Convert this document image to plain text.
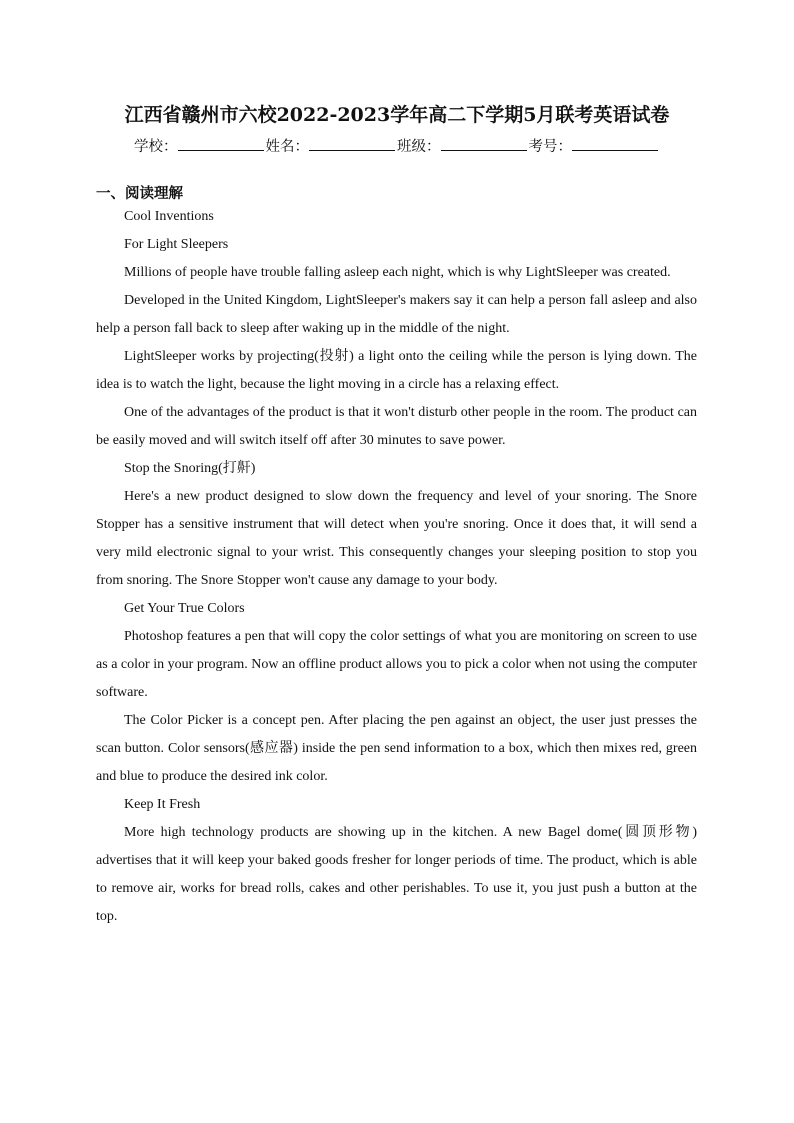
江西省赣州市六校2022-2023学年高二下学期5月联考英语试卷
学校：	姓名：	班级：	考号：
一、阅读理解

Cool Inventions

For Light Sleepers

Millions of people have trouble falling asleep each night, which is why LightSleeper was created.

Developed in the United Kingdom, LightSleeper's makers say it can help a person fall asleep and also help a person fall back to sleep after waking up in the middle of the night.

LightSleeper works by projecting(投射) a light onto the ceiling while the person is lying down. The idea is to watch the light, because the light moving in a circle has a relaxing effect.

One of the advantages of the product is that it won't disturb other people in the room. The product can be easily moved and will switch itself off after 30 minutes to save power.

Stop the Snoring(打鼾)

Here's a new product designed to slow down the frequency and level of your snoring. The Snore Stopper has a sensitive instrument that will detect when you're snoring. Once it does that, it will send a very mild electronic signal to your wrist. This consequently changes your sleeping position to stop you from snoring. The Snore Stopper won't cause any damage to your body.

Get Your True Colors

Photoshop features a pen that will copy the color settings of what you are monitoring on screen to use as a color in your program. Now an offline product allows you to pick a color when not using the computer software.

The Color Picker is a concept pen. After placing the pen against an object, the user just presses the scan button. Color sensors(感应器) inside the pen send information to a box, which then mixes red, green and blue to produce the desired ink color.

Keep It Fresh

More high technology products are showing up in the kitchen. A new Bagel dome(圆顶形物) advertises that it will keep your baked goods fresher for longer periods of time. The product, which is able to remove air, works for bread rolls, cakes and other perishables. To use it, you just push a button at the top.
